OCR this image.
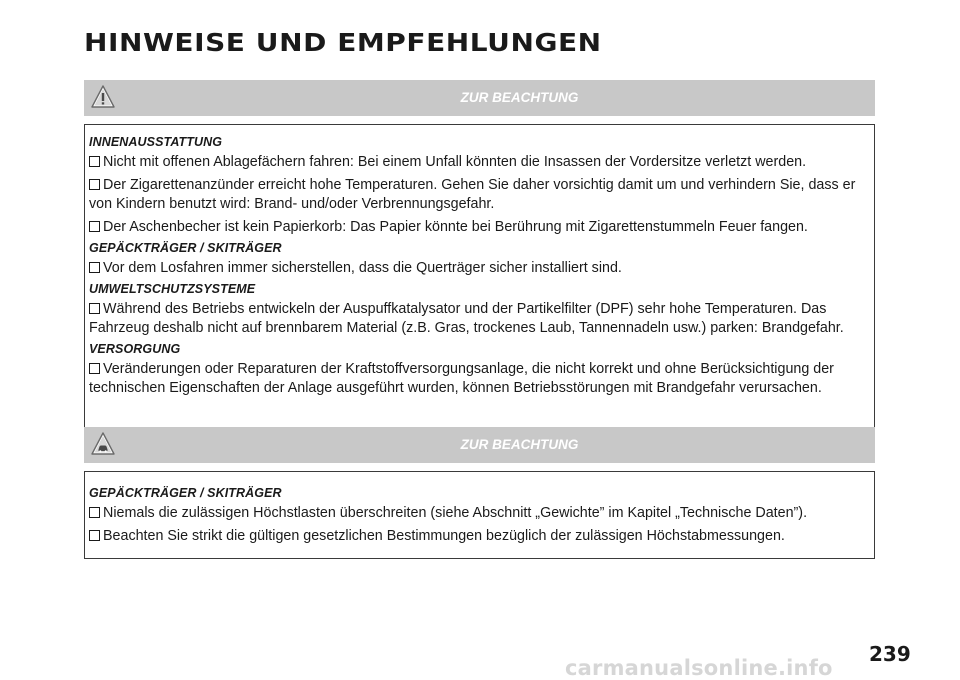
HINWEISE UND EMPFEHLUNGEN
ZUR BEACHTUNG
INNENAUSSTATTUNG
Nicht mit offenen Ablagefächern fahren: Bei einem Unfall könnten die Insassen der Vordersitze verletzt werden.
Der Zigarettenanzünder erreicht hohe Temperaturen. Gehen Sie daher vorsichtig damit um und verhindern Sie, dass er von Kindern benutzt wird: Brand- und/oder Verbrennungsgefahr.
Der Aschenbecher ist kein Papierkorb: Das Papier könnte bei Berührung mit Zigarettenstummeln Feuer fangen.
GEPÄCKTRÄGER / SKITRÄGER
Vor dem Losfahren immer sicherstellen, dass die Querträger sicher installiert sind.
UMWELTSCHUTZSYSTEME
Während des Betriebs entwickeln der Auspuffkatalysator und der Partikelfilter (DPF) sehr hohe Temperaturen. Das Fahrzeug deshalb nicht auf brennbarem Material (z.B. Gras, trockenes Laub, Tannennadeln usw.) parken: Brandgefahr.
VERSORGUNG
Veränderungen oder Reparaturen der Kraftstoffversorgungsanlage, die nicht korrekt und ohne Berücksichtigung der technischen Eigenschaften der Anlage ausgeführt wurden, können Betriebsstörungen mit Brandgefahr verursachen.
ZUR BEACHTUNG
GEPÄCKTRÄGER / SKITRÄGER
Niemals die zulässigen Höchstlasten überschreiten (siehe Abschnitt „Gewichte” im Kapitel „Technische Daten”).
Beachten Sie strikt die gültigen gesetzlichen Bestimmungen bezüglich der zulässigen Höchstabmessungen.
239
carmanualsonline.info
